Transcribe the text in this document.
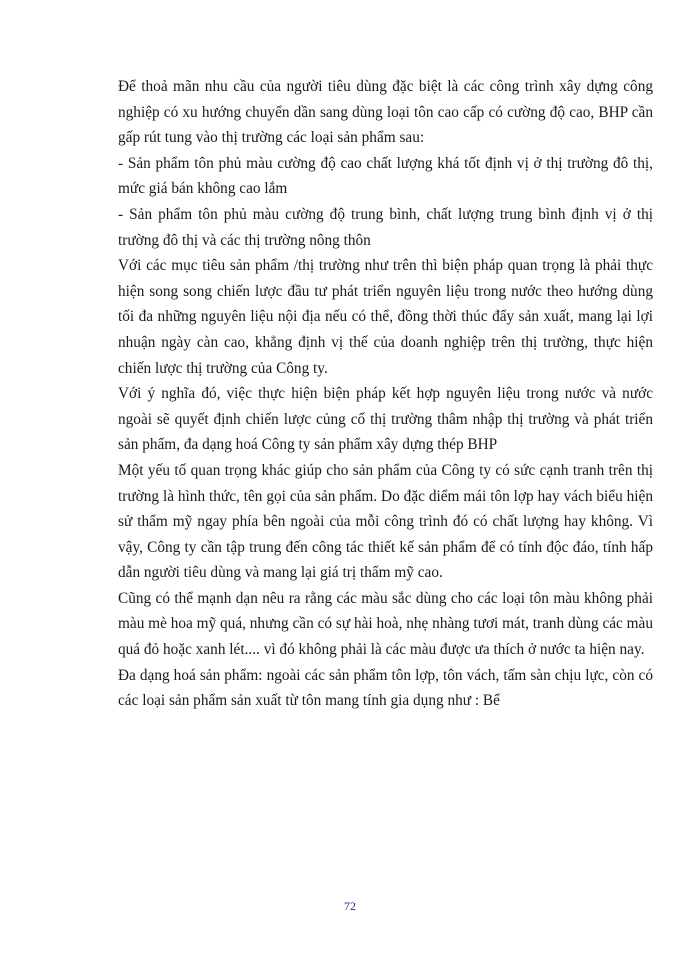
Để thoả mãn nhu cầu của người tiêu dùng đặc biệt là các công trình xây dựng công nghiệp có xu hướng chuyển dần sang dùng loại tôn cao cấp có cường độ cao, BHP cần gấp rút tung vào thị trường các loại sản phẩm sau:

- Sản phẩm tôn phủ màu cường độ cao chất lượng khá tốt định vị ở thị trường đô thị, mức giá bán không cao lắm

- Sản phẩm tôn phủ màu cường độ trung bình, chất lượng trung bình định vị ở thị trường đô thị và các thị trường nông thôn

Với các mục tiêu sản phẩm /thị trường như trên thì biện pháp quan trọng là phải thực hiện song song chiến lược đầu tư phát triển nguyên liệu trong nước theo hướng dùng tối đa những nguyên liệu nội địa nếu có thể, đồng thời thúc đẩy sản xuất, mang lại lợi nhuận ngày càn cao, khẳng định vị thế của doanh nghiệp trên thị trường, thực hiện chiến lược thị trường của Công ty.

Với ý nghĩa đó, việc thực hiện biện pháp kết hợp nguyên liệu trong nước và nước ngoài sẽ quyết định chiến lược củng cố thị trường thâm nhập thị trường và phát triển sản phẩm, đa dạng hoá Công ty sản phẩm xây dựng thép BHP

Một yếu tố quan trọng khác giúp cho sản phẩm của Công ty có sức cạnh tranh trên thị trường là hình thức, tên gọi của sản phẩm. Do đặc diểm mái tôn lợp hay vách biểu hiện sử thẩm mỹ ngay phía bên ngoài của mỗi công trình đó có chất lượng hay không. Vì vậy, Công ty cần tập trung đến công tác thiết kế sản phẩm để có tính độc đáo, tính hấp dẫn người tiêu dùng và mang lại giá trị thẩm mỹ cao.

Cũng có thể mạnh dạn nêu ra rằng các màu sắc dùng cho các loại tôn màu không phải màu mè hoa mỹ quá, nhưng cần có sự hài hoà, nhẹ nhàng tươi mát, tranh dùng các màu quá đỏ hoặc xanh lét.... vì đó không phải là các màu được ưa thích ở nước ta hiện nay.

Đa dạng hoá sản phẩm: ngoài các sản phẩm tôn lợp, tôn vách, tấm sàn chịu lực, còn có các loại sản phẩm sản xuất từ tôn mang tính gia dụng như : Bể

72
